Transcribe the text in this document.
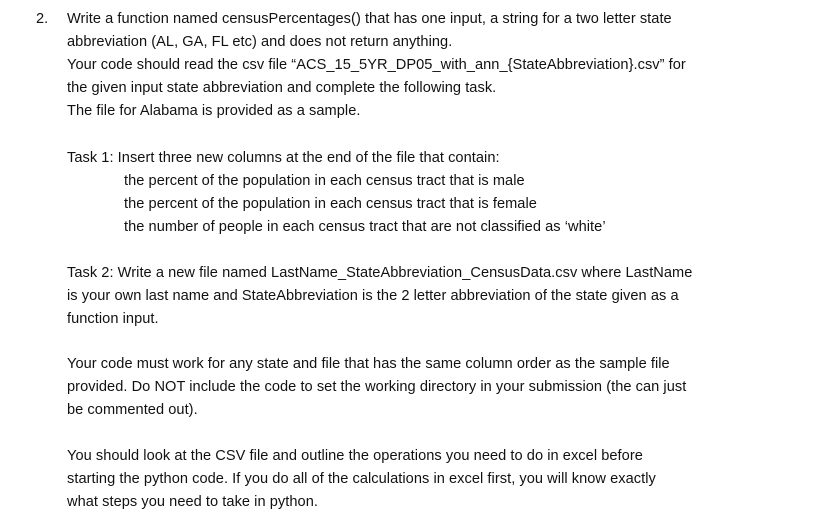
2. Write a function named censusPercentages() that has one input, a string for a two letter state
abbreviation (AL, GA, FL etc) and does not return anything.
Your code should read the csv file “ACS_15_5YR_DP05_with_ann_{StateAbbreviation}.csv” for
the given input state abbreviation and complete the following task.
The file for Alabama is provided as a sample.
Task 1: Insert three new columns at the end of the file that contain:
the percent of the population in each census tract that is male
the percent of the population in each census tract that is female
the number of people in each census tract that are not classified as ‘white’
Task 2: Write a new file named LastName_StateAbbreviation_CensusData.csv where LastName
is your own last name and StateAbbreviation is the 2 letter abbreviation of the state given as a
function input.
Your code must work for any state and file that has the same column order as the sample file
provided. Do NOT include the code to set the working directory in your submission (the can just
be commented out).
You should look at the CSV file and outline the operations you need to do in excel before
starting the python code. If you do all of the calculations in excel first, you will know exactly
what steps you need to take in python.
